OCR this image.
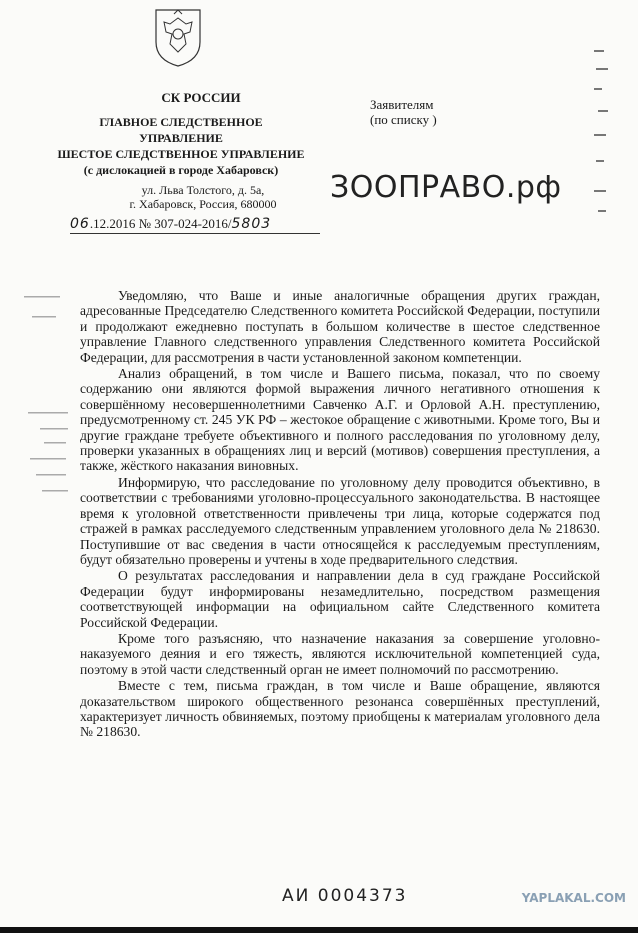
СК РОССИИ
ГЛАВНОЕ СЛЕДСТВЕННОЕ УПРАВЛЕНИЕ
ШЕСТОЕ СЛЕДСТВЕННОЕ УПРАВЛЕНИЕ
(с дислокацией в городе Хабаровск)
ул. Льва Толстого, д. 5а,
г. Хабаровск, Россия, 680000
06.12.2016 № 307-024-2016/5803
Заявителям
(по списку )
ЗООПРАВО.рф

Уведомляю, что Ваше и иные аналогичные обращения других граждан, адресованные Председателю Следственного комитета Российской Федерации, поступили и продолжают ежедневно поступать в большом количестве в шестое следственное управление Главного следственного управления Следственного комитета Российской Федерации, для рассмотрения в части установленной законом компетенции.

Анализ обращений, в том числе и Вашего письма, показал, что по своему содержанию они являются формой выражения личного негативного отношения к совершённому несовершеннолетними Савченко А.Г. и Орловой А.Н. преступлению, предусмотренному ст. 245 УК РФ – жестокое обращение с животными. Кроме того, Вы и другие граждане требуете объективного и полного расследования по уголовному делу, проверки указанных в обращениях лиц и версий (мотивов) совершения преступления, а также, жёсткого наказания виновных.

Информирую, что расследование по уголовному делу проводится объективно, в соответствии с требованиями уголовно-процессуального законодательства. В настоящее время к уголовной ответственности привлечены три лица, которые содержатся под стражей в рамках расследуемого следственным управлением уголовного дела № 218630. Поступившие от вас сведения в части относящейся к расследуемым преступлениям, будут обязательно проверены и учтены в ходе предварительного следствия.

О результатах расследования и направлении дела в суд граждане Российской Федерации будут информированы незамедлительно, посредством размещения соответствующей информации на официальном сайте Следственного комитета Российской Федерации.

Кроме того разъясняю, что назначение наказания за совершение уголовно-наказуемого деяния и его тяжесть, являются исключительной компетенцией суда, поэтому в этой части следственный орган не имеет полномочий по рассмотрению.

Вместе с тем, письма граждан, в том числе и Ваше обращение, являются доказательством широкого общественного резонанса совершённых преступлений, характеризует личность обвиняемых, поэтому приобщены к материалам уголовного дела № 218630.

АИ 0004373	YAPLAKAL.COM
